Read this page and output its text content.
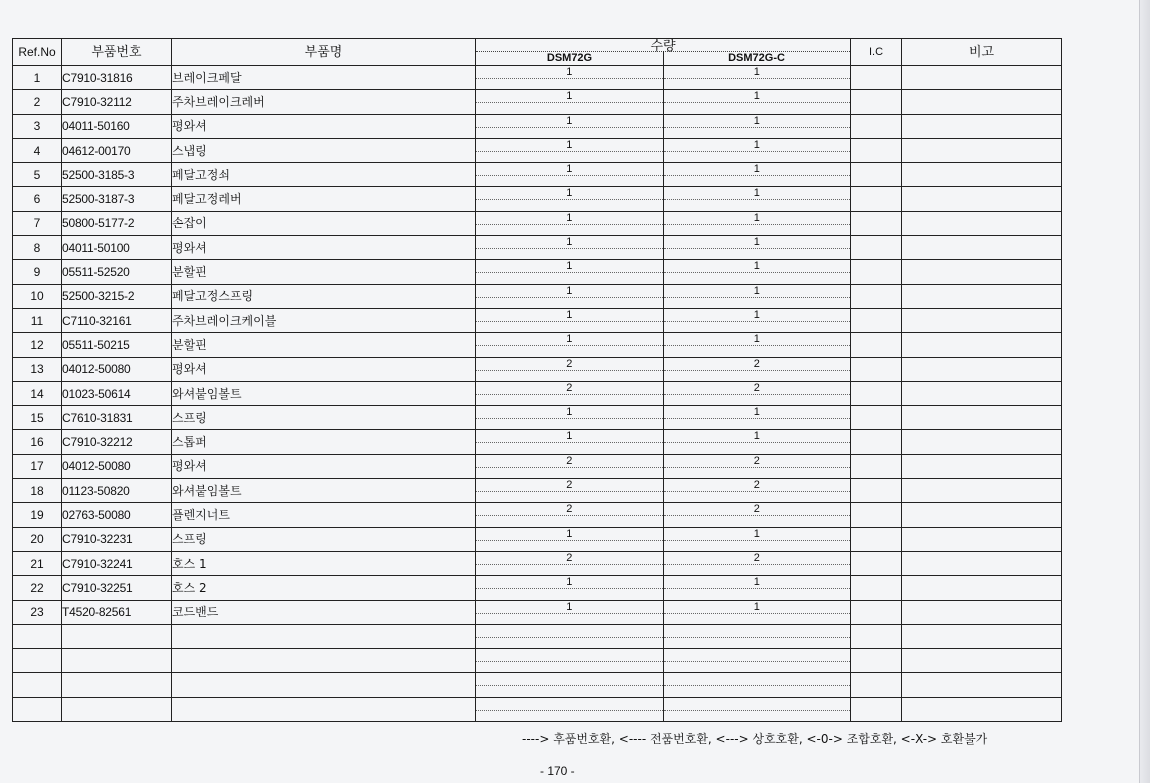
Ref.No	부품번호	부품명	수량
DSM72G DSM72G-C	I.C	비고
1	C7910-31816	브레이크페달	1 1		

2	C7910-32112	주차브레이크레버	1 1		

3	04011-50160	평와셔	1 1		

4	04612-00170	스냅링	1 1		

5	52500-3185-3	페달고정쇠	1 1		

6	52500-3187-3	페달고정레버	1 1		

7	50800-5177-2	손잡이	1 1		

8	04011-50100	평와셔	1 1		

9	05511-52520	분할핀	1 1		

10	52500-3215-2	페달고정스프링	1 1		

11	C7110-32161	주차브레이크케이블	1 1		

12	05511-50215	분할핀	1 1		

13	04012-50080	평와셔	2 2		

14	01023-50614	와셔붙임볼트	2 2		

15	C7610-31831	스프링	1 1		

16	C7910-32212	스톱퍼	1 1		

17	04012-50080	평와셔	2 2		

18	01123-50820	와셔붙임볼트	2 2		

19	02763-50080	플렌지너트	2 2		

20	C7910-32231	스프링	1 1		

21	C7910-32241	호스 1	2 2		

22	C7910-32251	호스 2	1 1		

23	T4520-82561	코드밴드	1 1		

----> 후품번호환, <---- 전품번호환, <---> 상호호환, <-0-> 조합호환, <-X-> 호환불가
- 170 -
